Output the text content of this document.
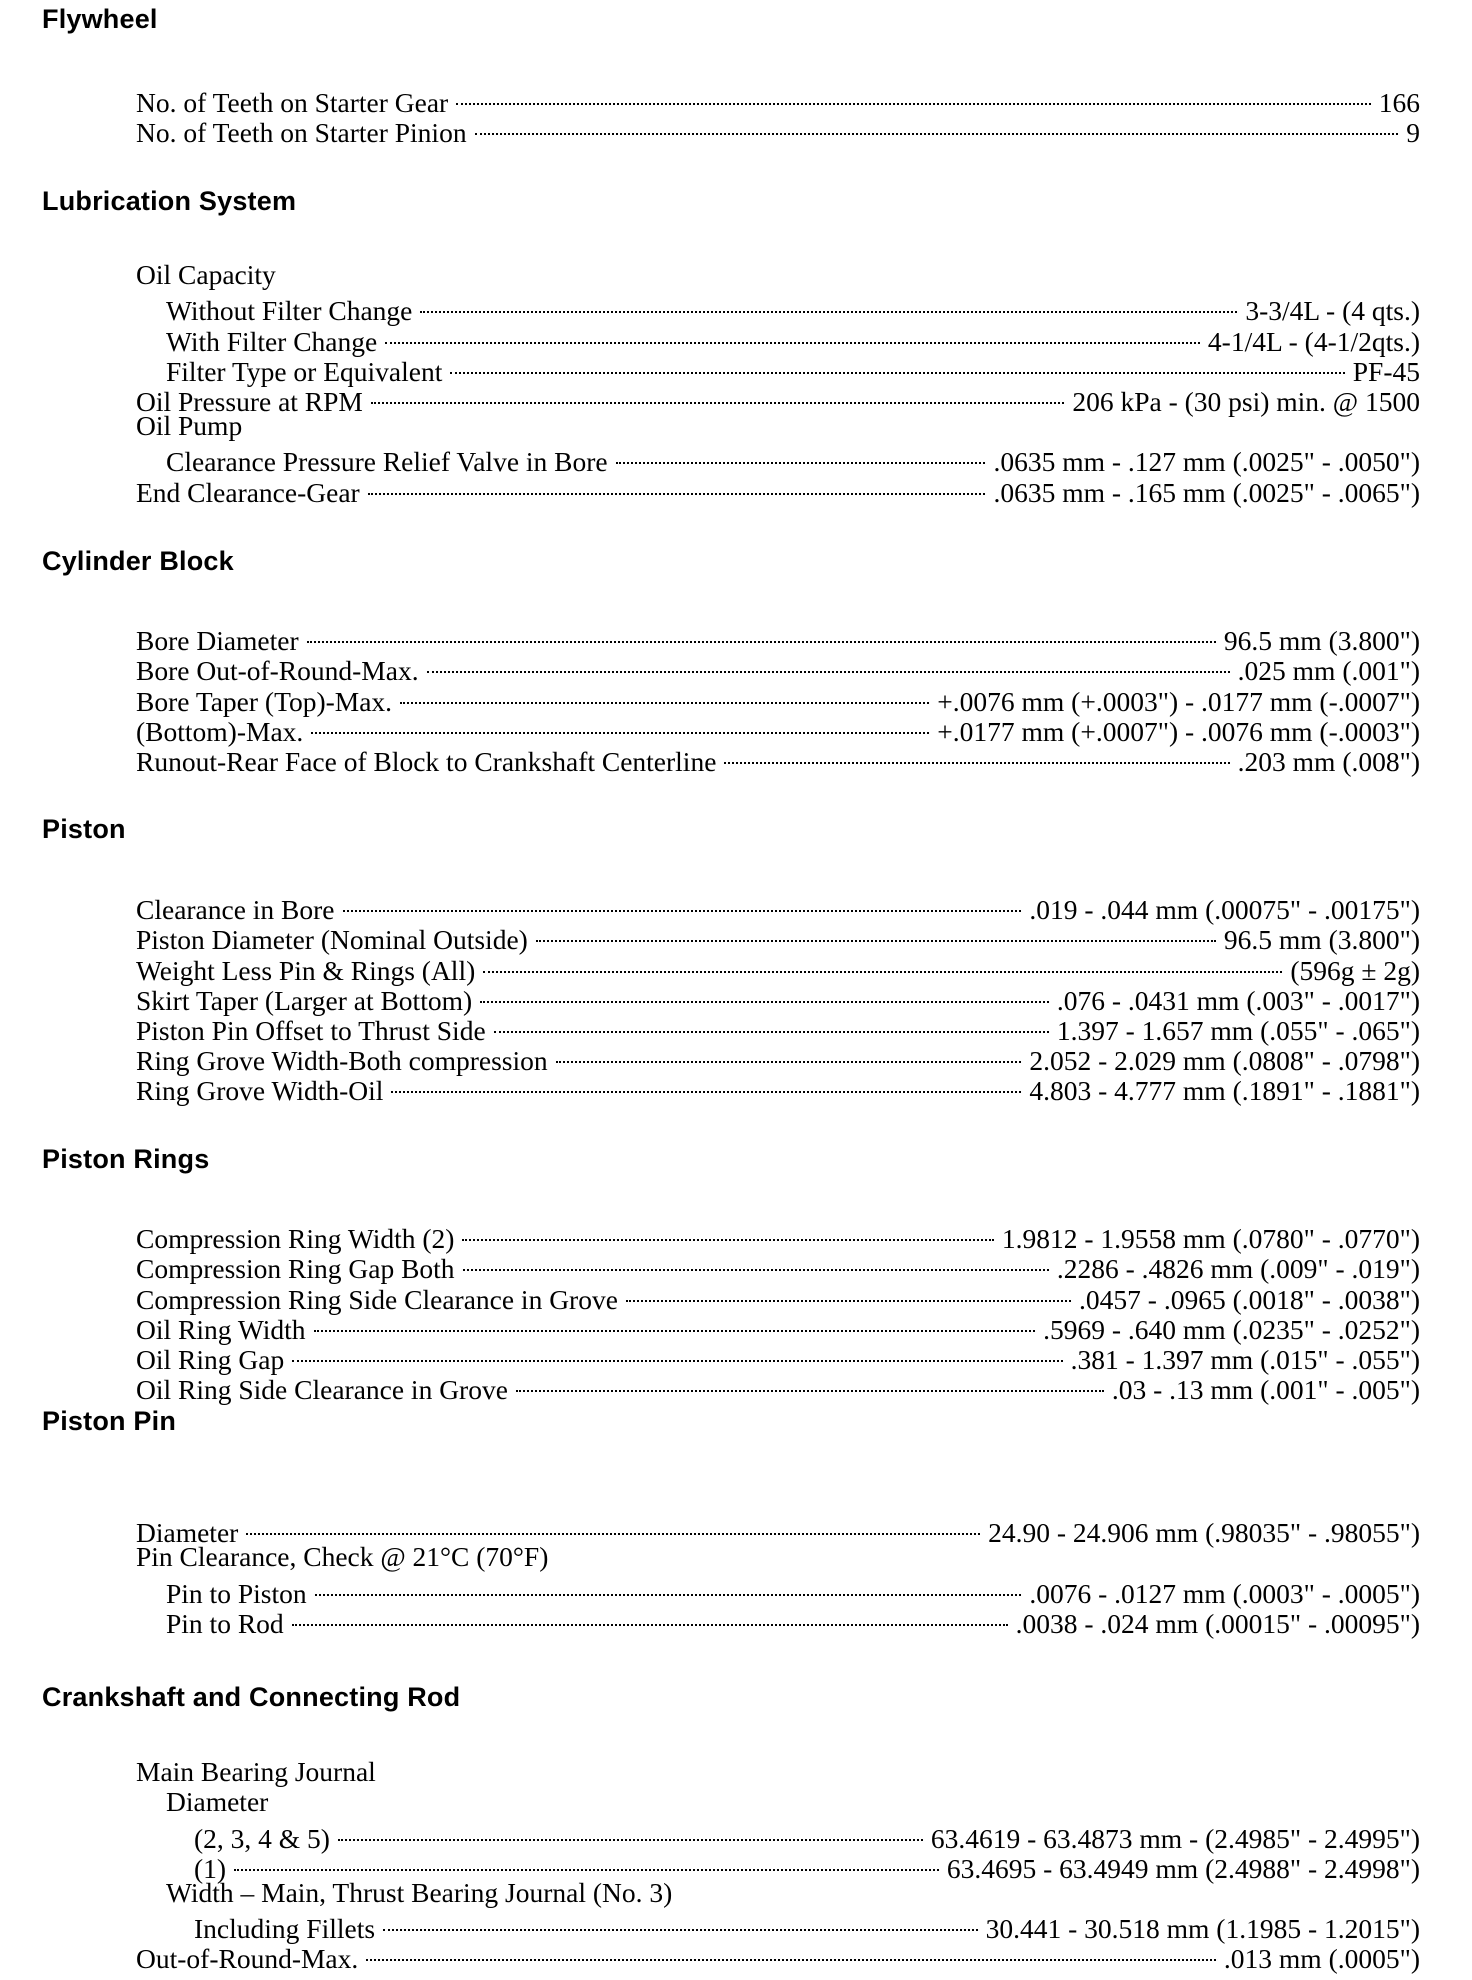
Flywheel
No. of Teeth on Starter Gear	166
No. of Teeth on Starter Pinion	9
Lubrication System
Oil Capacity
Without Filter Change	3-3/4L - (4 qts.)
With Filter Change	4-1/4L - (4-1/2qts.)
Filter Type or Equivalent	PF-45
Oil Pressure at RPM	206 kPa - (30 psi) min. @ 1500
Oil Pump
Clearance Pressure Relief Valve in Bore	.0635 mm - .127 mm (.0025" - .0050")
End Clearance-Gear	.0635 mm - .165 mm (.0025" - .0065")
Cylinder Block
Bore Diameter	96.5 mm (3.800")
Bore Out-of-Round-Max.	.025 mm (.001")
Bore Taper (Top)-Max.	+.0076 mm (+.0003") - .0177 mm (-.0007")
(Bottom)-Max.	+.0177 mm (+.0007") - .0076 mm (-.0003")
Runout-Rear Face of Block to Crankshaft Centerline	.203 mm (.008")
Piston
Clearance in Bore	.019 - .044 mm (.00075" - .00175")
Piston Diameter (Nominal Outside)	96.5 mm (3.800")
Weight Less Pin & Rings (All)	(596g ± 2g)
Skirt Taper (Larger at Bottom)	.076 - .0431 mm (.003" - .0017")
Piston Pin Offset to Thrust Side	1.397 - 1.657 mm (.055" - .065")
Ring Grove Width-Both compression	2.052 - 2.029 mm (.0808" - .0798")
Ring Grove Width-Oil	4.803 - 4.777 mm (.1891" - .1881")
Piston Rings
Compression Ring Width (2)	1.9812 - 1.9558 mm (.0780" - .0770")
Compression Ring Gap Both	.2286 - .4826 mm (.009" - .019")
Compression Ring Side Clearance in Grove	.0457 - .0965 (.0018" - .0038")
Oil Ring Width	.5969 - .640 mm (.0235" - .0252")
Oil Ring Gap	.381 - 1.397 mm (.015" - .055")
Oil Ring Side Clearance in Grove	.03 - .13 mm (.001" - .005")
Piston Pin
Diameter	24.90 - 24.906 mm (.98035" - .98055")
Pin Clearance, Check @ 21°C (70°F)
Pin to Piston	.0076 - .0127 mm (.0003" - .0005")
Pin to Rod	.0038 - .024 mm (.00015" - .00095")
Crankshaft and Connecting Rod
Main Bearing Journal
Diameter
(2, 3, 4 & 5)	63.4619 - 63.4873 mm - (2.4985" - 2.4995")
(1)	63.4695 - 63.4949 mm (2.4988" - 2.4998")
Width – Main, Thrust Bearing Journal (No. 3)
Including Fillets	30.441 - 30.518 mm (1.1985 - 1.2015")
Out-of-Round-Max.	.013 mm (.0005")
